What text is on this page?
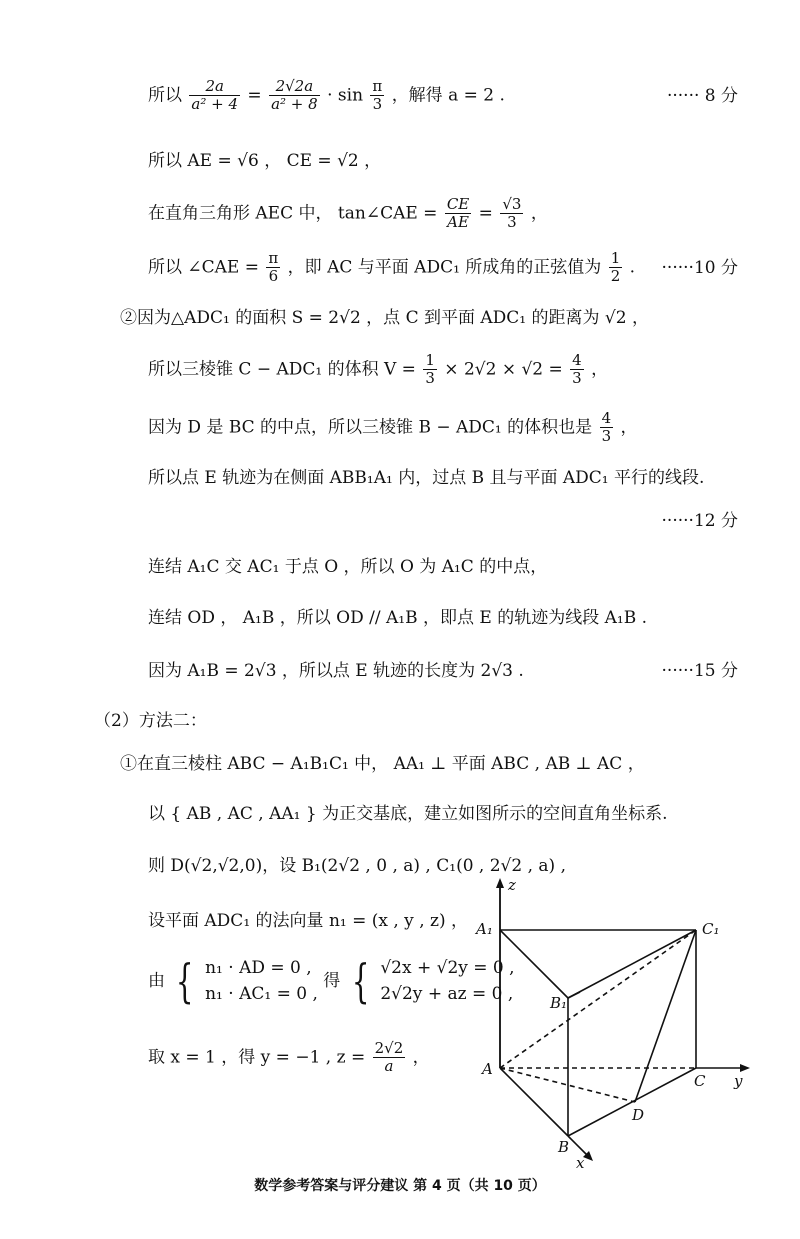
所以 $\frac{2a}{\text{a² + 4}} = \frac{2√2a}{\text{a² + 8}} \cdot \sin \frac{\pi}{3}$ ，解得 a = 2 .	······ 8 分
所以 AE = √6 ， CE = √2 ，
在直角三角形 AEC 中， tan∠CAE = $\frac{CE}{AE} = \frac{√3}{3}$ ，
所以 ∠CAE = $\frac{\pi}{6}$ ，即 AC 与平面 ADC₁ 所成角的正弦值为 $\frac{1}{2}$ . ······10 分
②因为△ADC₁ 的面积 S = 2√2 ，点 C 到平面 ADC₁ 的距离为 √2 ，
所以三棱锥 C − ADC₁ 的体积 $V = \frac{1}{3} \times 2√2 \times √2 = \frac{4}{3}$ ，
因为 D 是 BC 的中点，所以三棱锥 B − ADC₁ 的体积也是 $\frac{4}{3}$ ，
所以点 E 轨迹为在侧面 ABB₁A₁ 内，过点 B 且与平面 ADC₁ 平行的线段.
······12 分
连结 A₁C 交 AC₁ 于点 O ，所以 O 为 A₁C 的中点，
连结 OD ， A₁B ，所以 OD // A₁B ，即点 E 的轨迹为线段 A₁B .
因为 A₁B = 2√3 ，所以点 E 轨迹的长度为 2√3 .	······15 分
（2）方法二：
①在直三棱柱 ABC − A₁B₁C₁ 中， AA₁ ⊥ 平面 ABC , AB ⊥ AC ，
以 { AB , AC , AA₁ } 为正交基底，建立如图所示的空间直角坐标系.
则 D(√2,√2,0)，设 B₁(2√2 , 0 , a) , C₁(0 , 2√2 , a) ,
设平面 ADC₁ 的法向量 n₁ = (x , y , z) ，
由 { n₁ · AD = 0 ,
n₁ · AC₁ = 0 ,
得 { √2x + √2y = 0 ,
2√2y + az = 0 ,
取 x = 1 ，得 y = −1 , $z = \frac{2√2}{a}$ ，
z
A₁	C₁
B₁
A
C y
D
B
x
数学参考答案与评分建议 第 4 页（共 10 页）
